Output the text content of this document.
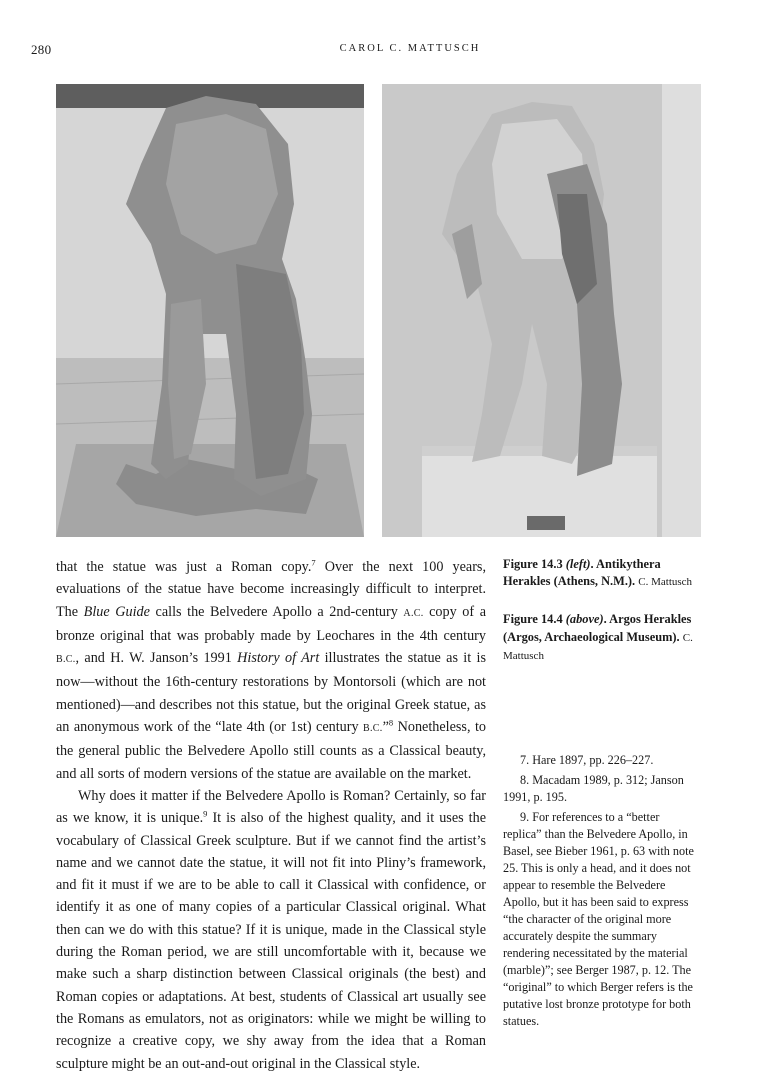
280	CAROL C. MATTUSCH

that the statue was just a Roman copy.$^7$ Over the next 100 years, evaluations of the statue have become increasingly difficult to interpret. The Blue Guide calls the Belvedere Apollo a 2nd-century A.C. copy of a bronze original that was probably made by Leochares in the 4th century B.C., and H. W. Janson’s 1991 History of Art illustrates the statue as it is now—without the 16th-century restorations by Montorsoli (which are not mentioned)—and describes not this statue, but the original Greek statue, as an anonymous work of the “late 4th (or 1st) century B.C.”$^8$ Nonetheless, to the general public the Belvedere Apollo still counts as a Classical beauty, and all sorts of modern versions of the statue are available on the market.

Why does it matter if the Belvedere Apollo is Roman? Certainly, so far as we know, it is unique.$^9$ It is also of the highest quality, and it uses the vocabulary of Classical Greek sculpture. But if we cannot find the artist’s name and we cannot date the statue, it will not fit into Pliny’s framework, and fit it must if we are to be able to call it Classical with confidence, or identify it as one of many copies of a particular Classical original. What then can we do with this statue? If it is unique, made in the Classical style during the Roman period, we are still uncomfortable with it, because we make such a sharp distinction between Classical originals (the best) and Roman copies or adaptations. At best, students of Classical art usually see the Romans as emulators, not as originators: while we might be willing to recognize a creative copy, we shy away from the idea that a Roman sculpture might be an out-and-out original in the Classical style.

Figure 14.3 (left). Antikythera Herakles (Athens, N.M.). C. Mattusch

Figure 14.4 (above). Argos Herakles (Argos, Archaeological Museum). C. Mattusch

7. Hare 1897, pp. 226–227.

8. Macadam 1989, p. 312; Janson 1991, p. 195.

9. For references to a “better replica” than the Belvedere Apollo, in Basel, see Bieber 1961, p. 63 with note 25. This is only a head, and it does not appear to resemble the Belvedere Apollo, but it has been said to express “the character of the original more accurately despite the summary rendering necessitated by the material (marble)”; see Berger 1987, p. 12. The “original” to which Berger refers is the putative lost bronze prototype for both statues.
